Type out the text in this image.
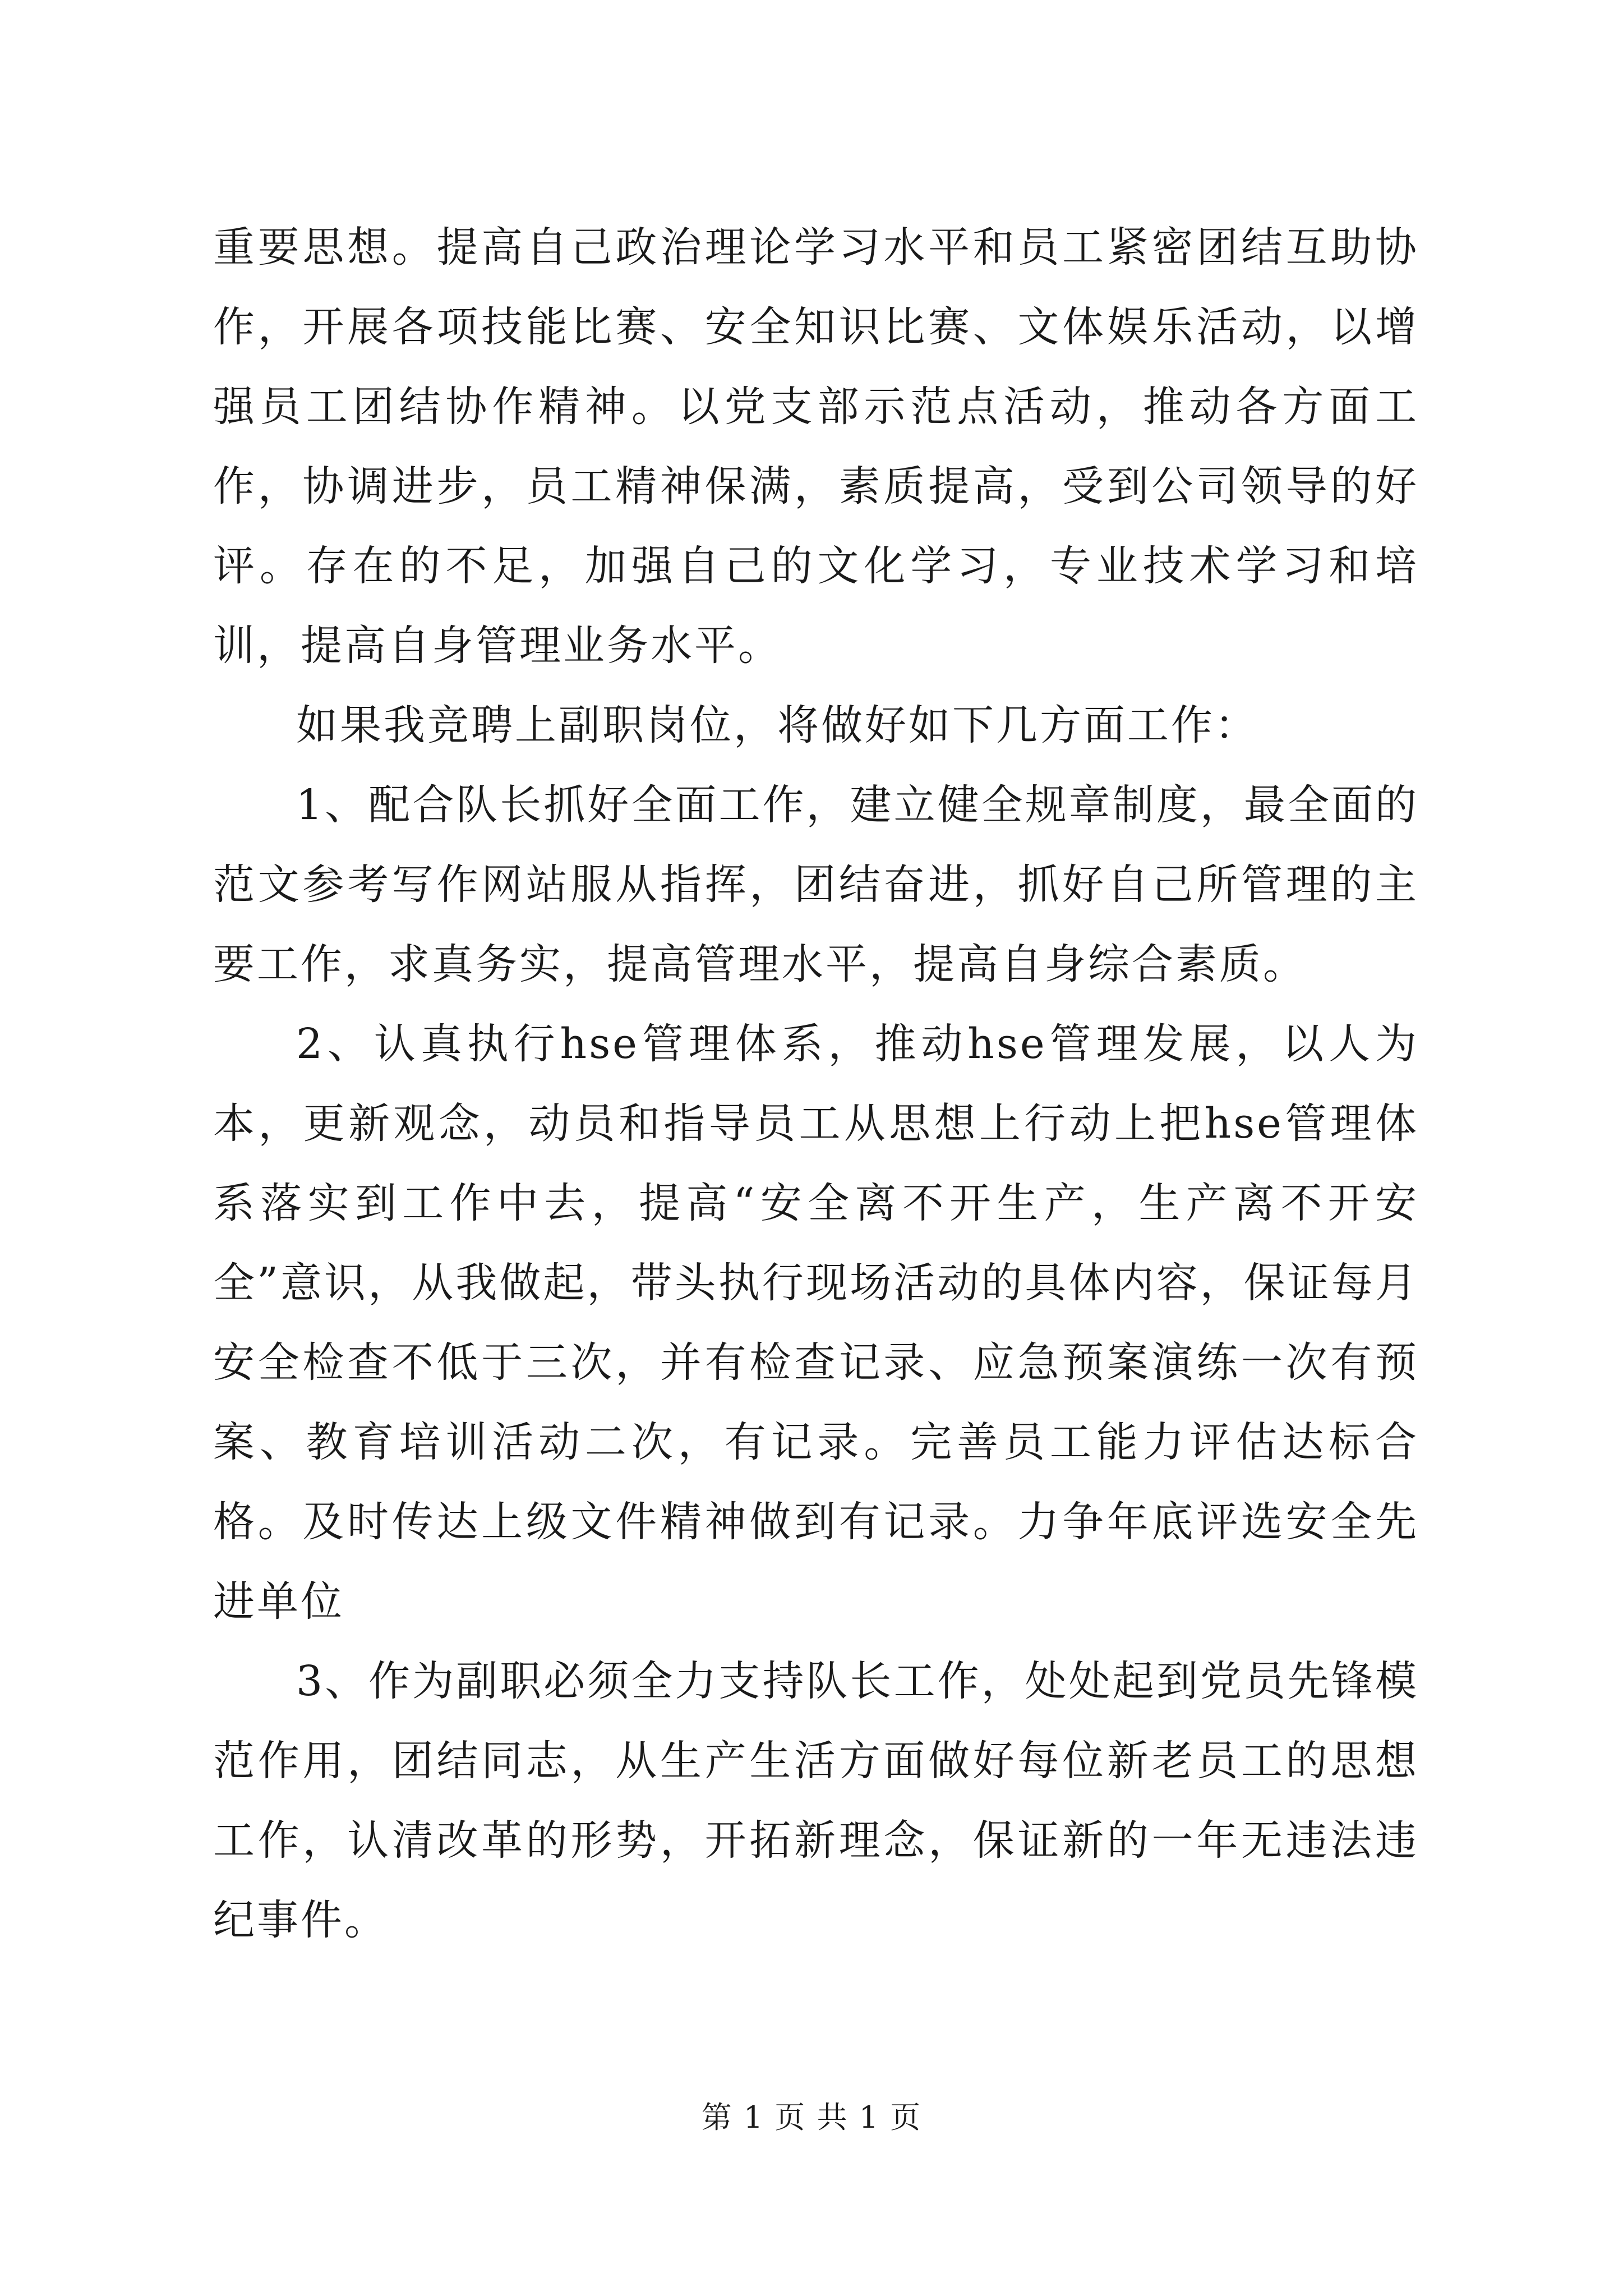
重要思想。提高自己政治理论学习水平和员工紧密团结互助协作，开展各项技能比赛、安全知识比赛、文体娱乐活动，以增强员工团结协作精神。以党支部示范点活动，推动各方面工作，协调进步，员工精神保满，素质提高，受到公司领导的好评。存在的不足，加强自己的文化学习，专业技术学习和培训，提高自身管理业务水平。

如果我竞聘上副职岗位，将做好如下几方面工作：

1、配合队长抓好全面工作，建立健全规章制度，最全面的范文参考写作网站服从指挥，团结奋进，抓好自己所管理的主要工作，求真务实，提高管理水平，提高自身综合素质。

2、认真执行hse管理体系，推动hse管理发展，以人为本，更新观念，动员和指导员工从思想上行动上把hse管理体系落实到工作中去，提高“安全离不开生产，生产离不开安全”意识，从我做起，带头执行现场活动的具体内容，保证每月安全检查不低于三次，并有检查记录、应急预案演练一次有预案、教育培训活动二次，有记录。完善员工能力评估达标合格。及时传达上级文件精神做到有记录。力争年底评选安全先进单位

3、作为副职必须全力支持队长工作，处处起到党员先锋模范作用，团结同志，从生产生活方面做好每位新老员工的思想工作，认清改革的形势，开拓新理念，保证新的一年无违法违纪事件。

第 1 页 共 1 页
